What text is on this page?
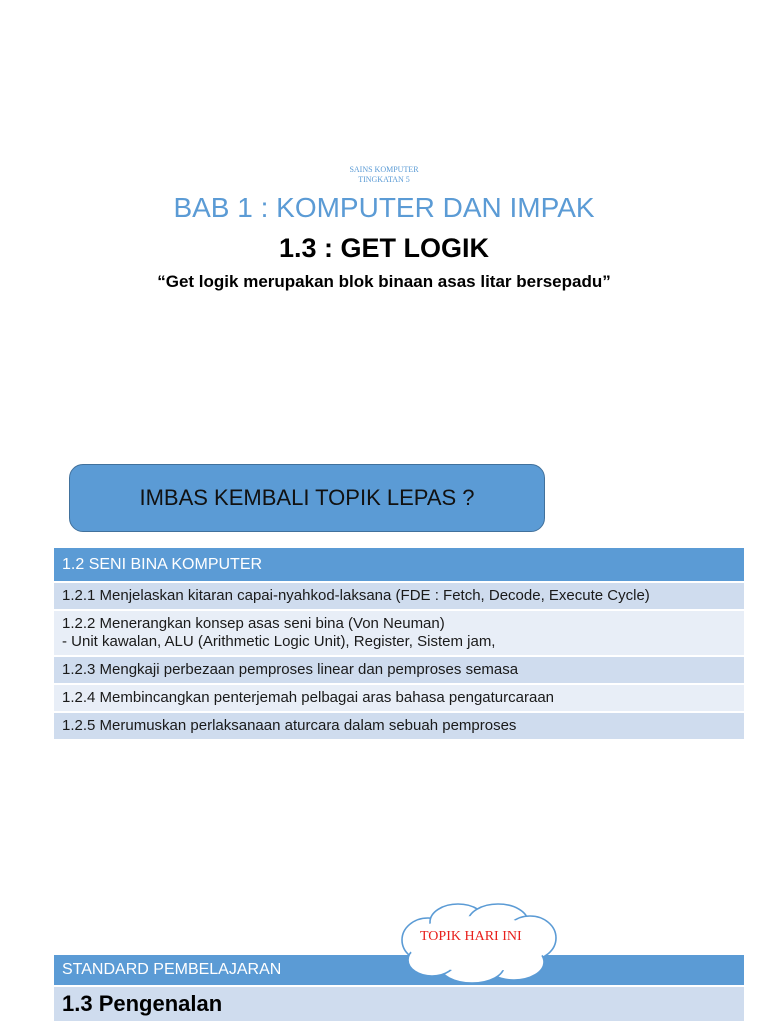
SAINS KOMPUTER
TINGKATAN 5
BAB 1 : KOMPUTER DAN IMPAK
1.3 : GET LOGIK
“Get logik merupakan blok binaan asas litar bersepadu”
IMBAS KEMBALI TOPIK LEPAS ?
1.2 SENI BINA KOMPUTER
1.2.1 Menjelaskan kitaran capai-nyahkod-laksana (FDE : Fetch, Decode, Execute Cycle)

1.2.2 Menerangkan konsep asas seni bina (Von Neuman)
- Unit kawalan, ALU (Arithmetic Logic Unit), Register, Sistem jam,

1.2.3 Mengkaji perbezaan pemproses linear dan pemproses semasa
1.2.4 Membincangkan penterjemah pelbagai aras bahasa pengaturcaraan
1.2.5 Merumuskan perlaksanaan aturcara dalam sebuah pemproses
STANDARD PEMBELAJARAN
1.3 Pengenalan
TOPIK HARI INI
